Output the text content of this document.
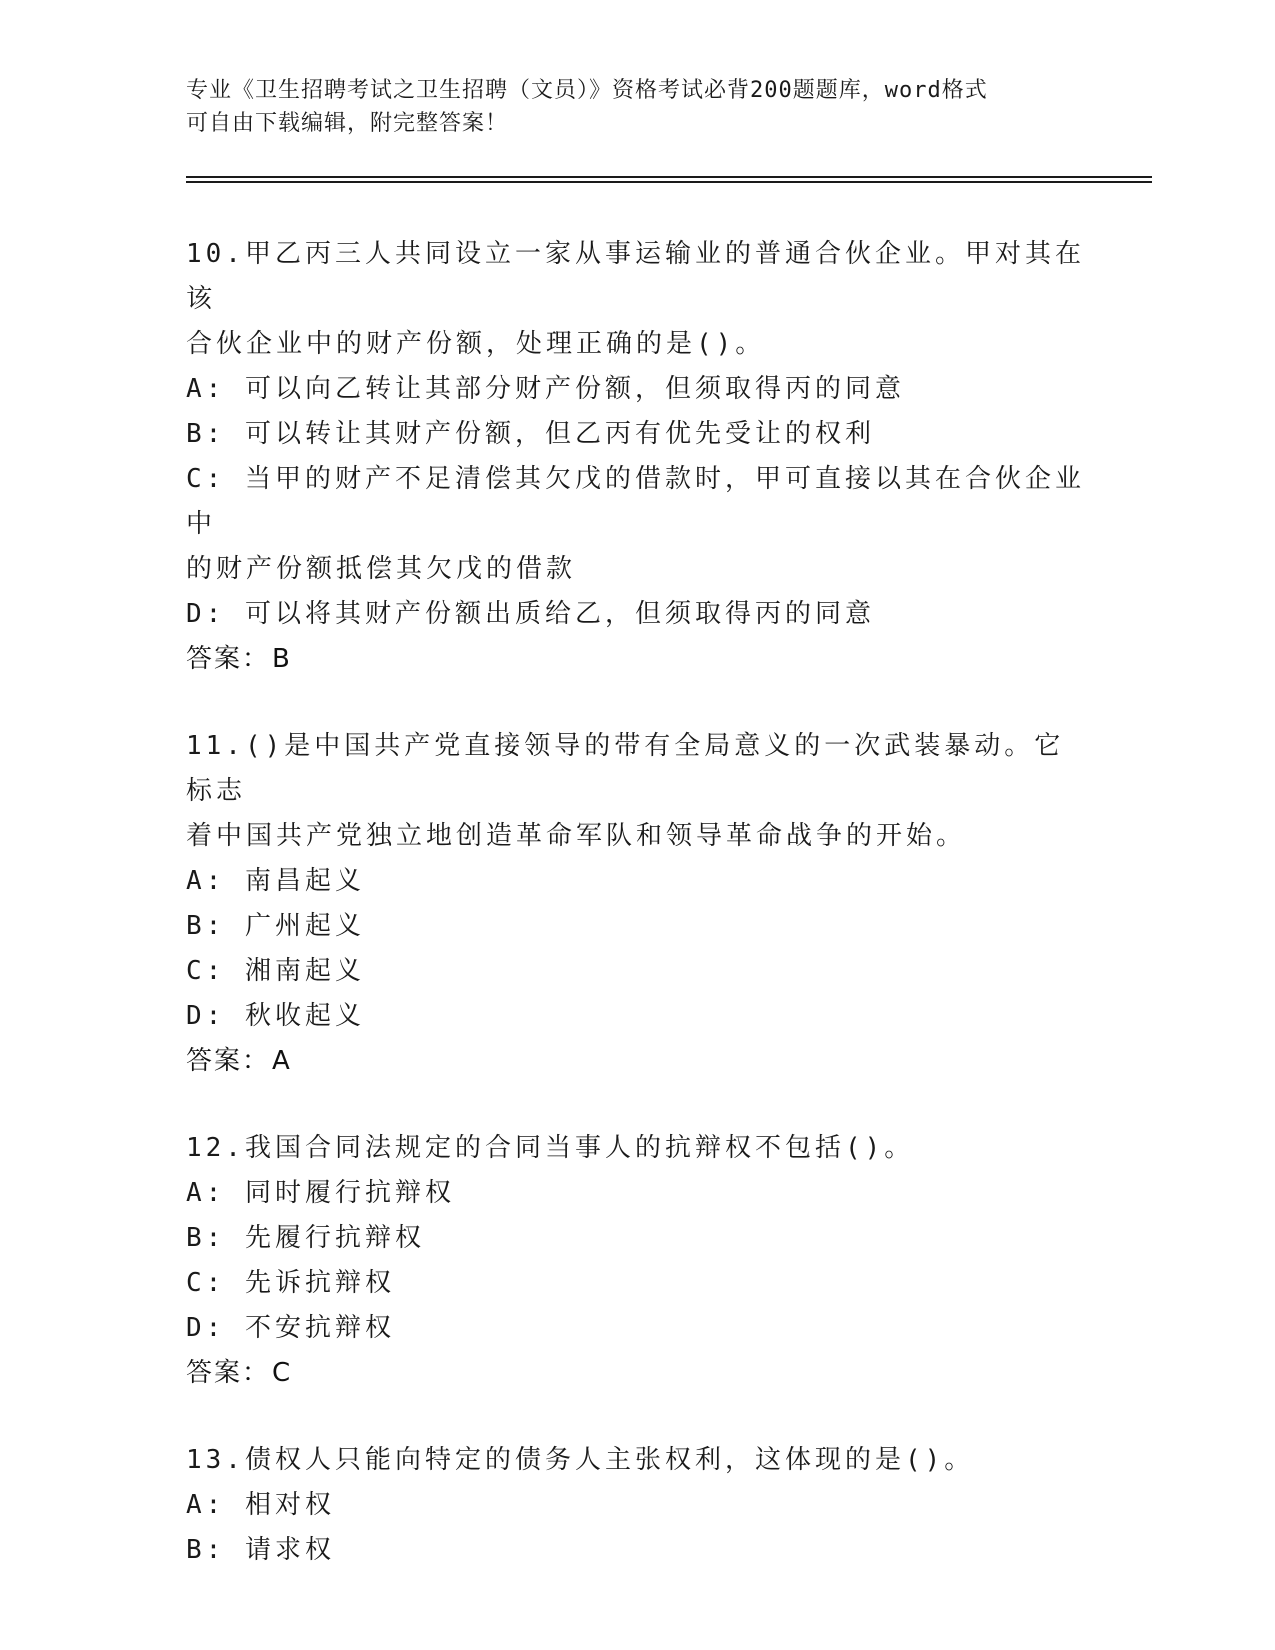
专业《卫生招聘考试之卫生招聘（文员）》资格考试必背200题题库，word格式
可自由下载编辑，附完整答案！

10.甲乙丙三人共同设立一家从事运输业的普通合伙企业。甲对其在该

合伙企业中的财产份额，处理正确的是()。

A: 可以向乙转让其部分财产份额，但须取得丙的同意

B: 可以转让其财产份额，但乙丙有优先受让的权利

C: 当甲的财产不足清偿其欠戊的借款时，甲可直接以其在合伙企业中

的财产份额抵偿其欠戊的借款

D: 可以将其财产份额出质给乙，但须取得丙的同意

答案：B

11.()是中国共产党直接领导的带有全局意义的一次武装暴动。它标志

着中国共产党独立地创造革命军队和领导革命战争的开始。

A: 南昌起义

B: 广州起义

C: 湘南起义

D: 秋收起义

答案：A

12.我国合同法规定的合同当事人的抗辩权不包括()。

A: 同时履行抗辩权

B: 先履行抗辩权

C: 先诉抗辩权

D: 不安抗辩权

答案：C

13.债权人只能向特定的债务人主张权利，这体现的是()。

A: 相对权

B: 请求权
